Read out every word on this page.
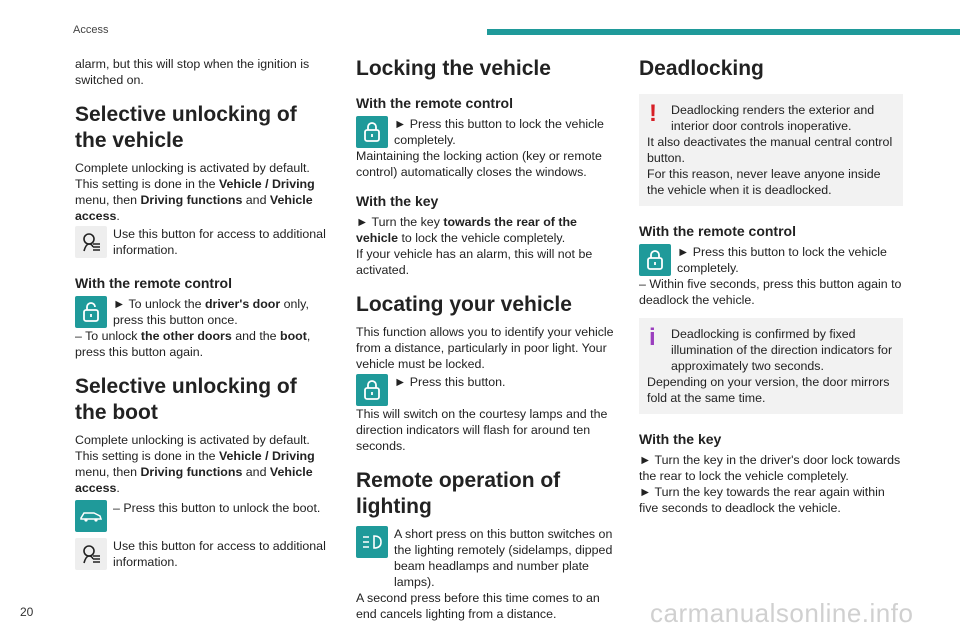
Access

alarm, but this will stop when the ignition is switched on.

Selective unlocking of the vehicle

Complete unlocking is activated by default.

This setting is done in the Vehicle / Driving menu, then Driving functions and Vehicle access.

Use this button for access to additional information.

With the remote control

► To unlock the driver's door only, press this button once.

– To unlock the other doors and the boot, press this button again.

Selective unlocking of the boot

Complete unlocking is activated by default.

This setting is done in the Vehicle / Driving menu, then Driving functions and Vehicle access.

– Press this button to unlock the boot.

Use this button for access to additional information.

Locking the vehicle
With the remote control

► Press this button to lock the vehicle completely.

Maintaining the locking action (key or remote control) automatically closes the windows.

With the key

► Turn the key towards the rear of the vehicle to lock the vehicle completely.

If your vehicle has an alarm, this will not be activated.

Locating your vehicle

This function allows you to identify your vehicle from a distance, particularly in poor light. Your vehicle must be locked.

► Press this button.

This will switch on the courtesy lamps and the direction indicators will flash for around ten seconds.

Remote operation of lighting

A short press on this button switches on the lighting remotely (sidelamps, dipped beam headlamps and number plate lamps).

A second press before this time comes to an end cancels lighting from a distance.

Deadlocking
!	Deadlocking renders the exterior and interior door controls inoperative.

It also deactivates the manual central control button.

For this reason, never leave anyone inside the vehicle when it is deadlocked.

With the remote control

► Press this button to lock the vehicle completely.

– Within five seconds, press this button again to deadlock the vehicle.

i	Deadlocking is confirmed by fixed illumination of the direction indicators for approximately two seconds.

Depending on your version, the door mirrors fold at the same time.

With the key

► Turn the key in the driver's door lock towards the rear to lock the vehicle completely.

► Turn the key towards the rear again within five seconds to deadlock the vehicle.

20	carmanualsonline.info
